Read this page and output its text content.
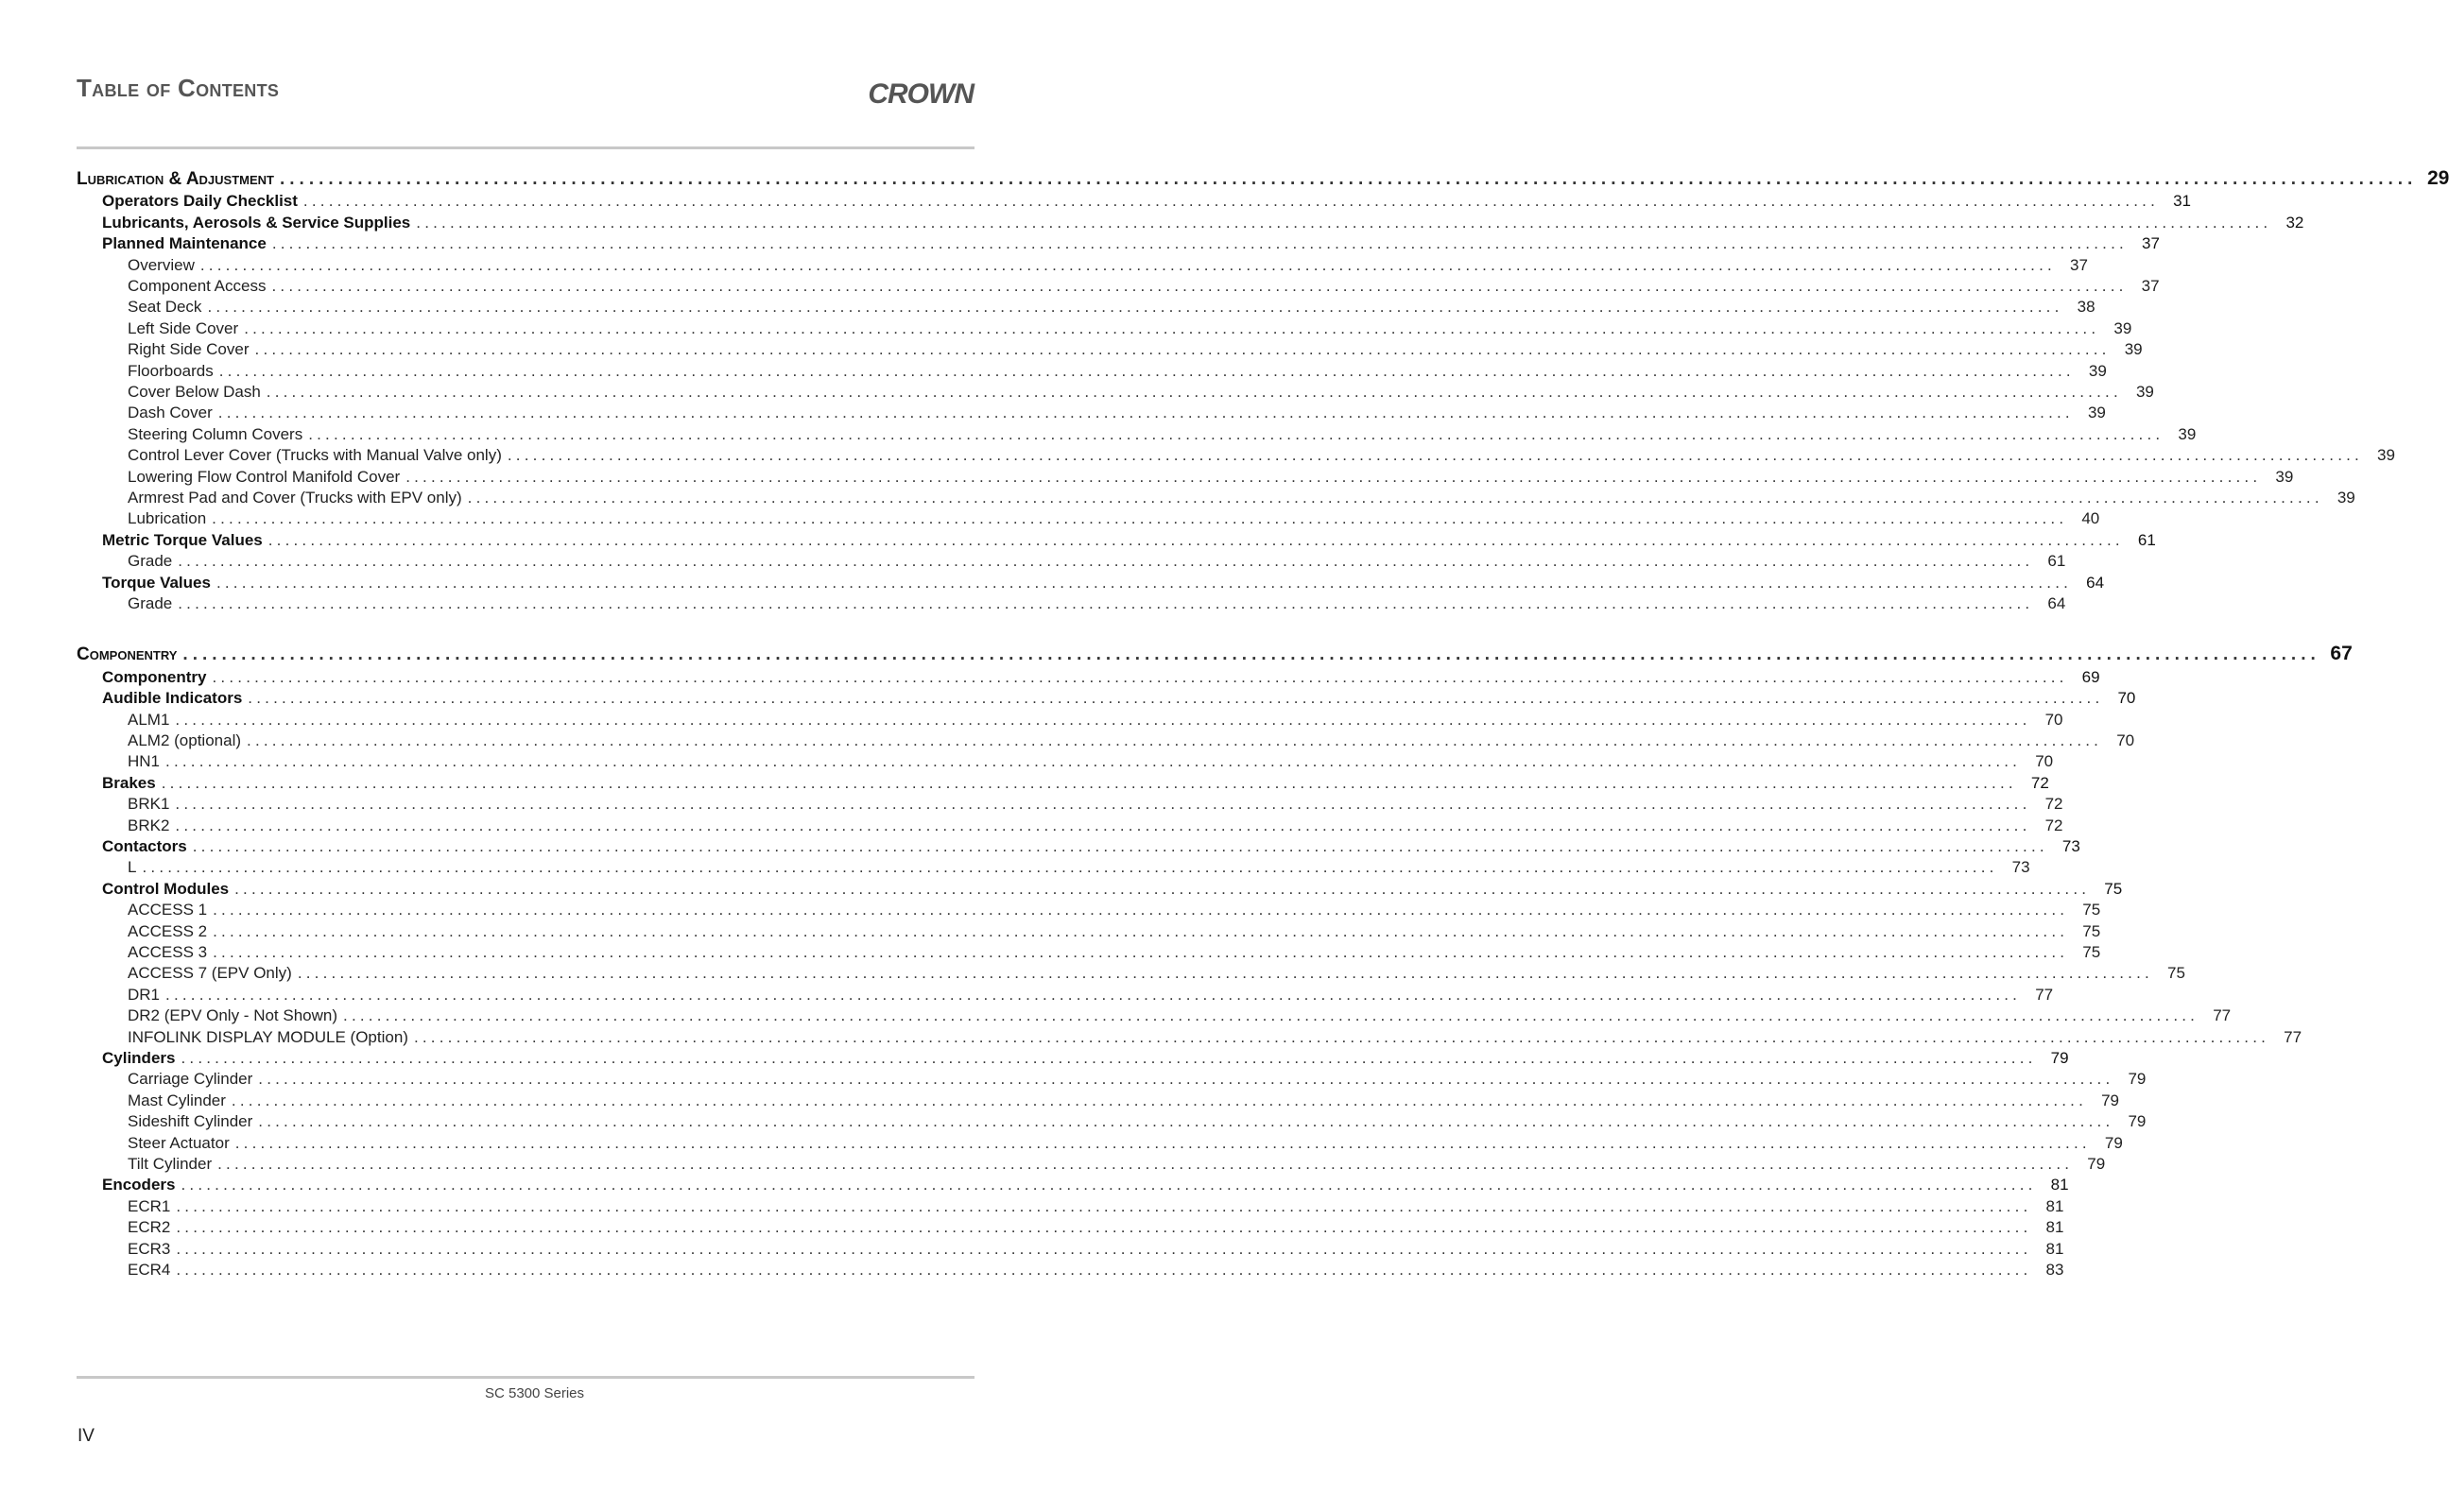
Table of Contents	CROWN
Lubrication & Adjustment ............................................................................................................................................................................................................................ 29
Operators Daily Checklist ............................................................................................................................................................................................................................ 31
Lubricants, Aerosols & Service Supplies ............................................................................................................................................................................................................................ 32
Planned Maintenance ............................................................................................................................................................................................................................ 37
Overview ............................................................................................................................................................................................................................ 37
Component Access ............................................................................................................................................................................................................................ 37
Seat Deck ............................................................................................................................................................................................................................ 38
Left Side Cover ............................................................................................................................................................................................................................ 39
Right Side Cover ............................................................................................................................................................................................................................ 39
Floorboards ............................................................................................................................................................................................................................ 39
Cover Below Dash ............................................................................................................................................................................................................................ 39
Dash Cover ............................................................................................................................................................................................................................ 39
Steering Column Covers ............................................................................................................................................................................................................................ 39
Control Lever Cover (Trucks with Manual Valve only) ............................................................................................................................................................................................................................ 39
Lowering Flow Control Manifold Cover ............................................................................................................................................................................................................................ 39
Armrest Pad and Cover (Trucks with EPV only) ............................................................................................................................................................................................................................ 39
Lubrication ............................................................................................................................................................................................................................ 40
Metric Torque Values ............................................................................................................................................................................................................................ 61
Grade ............................................................................................................................................................................................................................ 61
Torque Values ............................................................................................................................................................................................................................ 64
Grade ............................................................................................................................................................................................................................ 64
Componentry ............................................................................................................................................................................................................................ 67
Componentry ............................................................................................................................................................................................................................ 69
Audible Indicators ............................................................................................................................................................................................................................ 70
ALM1 ............................................................................................................................................................................................................................ 70
ALM2 (optional) ............................................................................................................................................................................................................................ 70
HN1 ............................................................................................................................................................................................................................ 70
Brakes ............................................................................................................................................................................................................................ 72
BRK1 ............................................................................................................................................................................................................................ 72
BRK2 ............................................................................................................................................................................................................................ 72
Contactors ............................................................................................................................................................................................................................ 73
L ............................................................................................................................................................................................................................ 73
Control Modules ............................................................................................................................................................................................................................ 75
ACCESS 1 ............................................................................................................................................................................................................................ 75
ACCESS 2 ............................................................................................................................................................................................................................ 75
ACCESS 3 ............................................................................................................................................................................................................................ 75
ACCESS 7 (EPV Only) ............................................................................................................................................................................................................................ 75
DR1 ............................................................................................................................................................................................................................ 77
DR2 (EPV Only - Not Shown) ............................................................................................................................................................................................................................ 77
INFOLINK DISPLAY MODULE (Option) ............................................................................................................................................................................................................................ 77
Cylinders ............................................................................................................................................................................................................................ 79
Carriage Cylinder ............................................................................................................................................................................................................................ 79
Mast Cylinder ............................................................................................................................................................................................................................ 79
Sideshift Cylinder ............................................................................................................................................................................................................................ 79
Steer Actuator ............................................................................................................................................................................................................................ 79
Tilt Cylinder ............................................................................................................................................................................................................................ 79
Encoders ............................................................................................................................................................................................................................ 81
ECR1 ............................................................................................................................................................................................................................ 81
ECR2 ............................................................................................................................................................................................................................ 81
ECR3 ............................................................................................................................................................................................................................ 81
ECR4 ............................................................................................................................................................................................................................ 83
SC 5300 Series
IV
